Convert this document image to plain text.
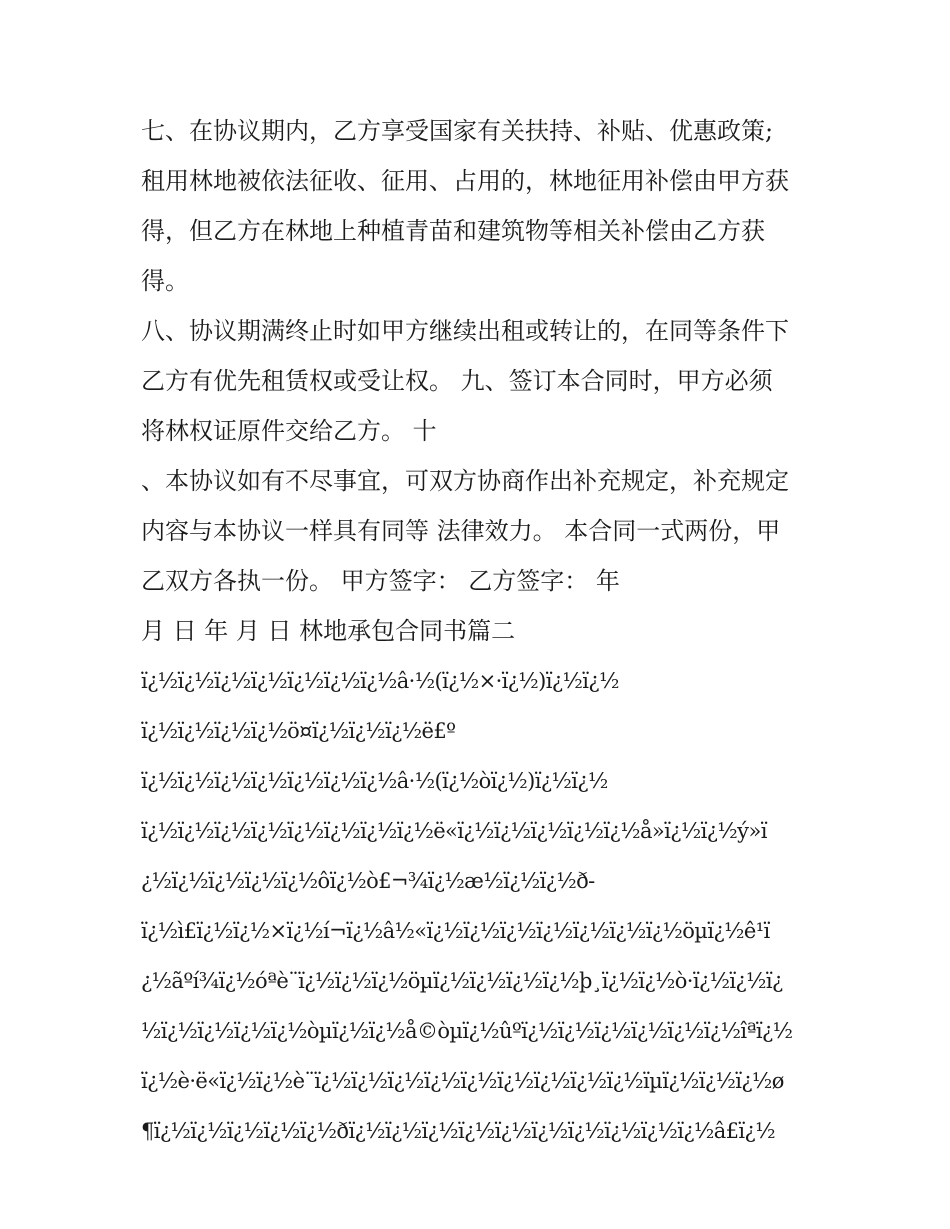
七、在协议期内，乙方享受国家有关扶持、补贴、优惠政策;
租用林地被依法征收、征用、占用的，林地征用补偿由甲方获
得，但乙方在林地上种植青苗和建筑物等相关补偿由乙方获
得。
八、协议期满终止时如甲方继续出租或转让的，在同等条件下
乙方有优先租赁权或受让权。 九、签订本合同时，甲方必须
将林权证原件交给乙方。 十
、本协议如有不尽事宜，可双方协商作出补充规定，补充规定
内容与本协议一样具有同等 法律效力。 本合同一式两份，甲
乙双方各执一份。 甲方签字： 乙方签字： 年
月 日 年 月 日 林地承包合同书篇二
ï¿½ï¿½ï¿½ï¿½ï¿½ï¿½ï¿½â·½(ï¿½×·ï¿½)ï¿½ï¿½
ï¿½ï¿½ï¿½ï¿½ö¤ï¿½ï¿½ï¿½ë£º
ï¿½ï¿½ï¿½ï¿½ï¿½ï¿½ï¿½â·½(ï¿½òï¿½)ï¿½ï¿½
ï¿½ï¿½ï¿½ï¿½ï¿½ï¿½ï¿½ï¿½ë«ï¿½ï¿½ï¿½ï¿½ï¿½å»ï¿½ï¿½ý»ï
¿½ï¿½ï¿½ï¿½ï¿½ôï¿½ò£¬¾ï¿½æ½ï¿½ï¿½ð-
ï¿½ì£ï¿½ï¿½×ï¿½í¬ï¿½â½«ï¿½ï¿½ï¿½ï¿½ï¿½ï¿½ï¿½öµï¿½ê¹ï
¿½ãºí¾ï¿½óªè¨ï¿½ï¿½ï¿½öµï¿½ï¿½ï¿½ï¿½þ¸ï¿½ï¿½ò·ï¿½ï¿½ï¿
½ï¿½ï¿½ï¿½ï¿½òµï¿½ï¿½å©òµï¿½ûºï¿½ï¿½ï¿½ï¿½ï¿½ï¿½îªï¿½
ï¿½è·ë«ï¿½ï¿½è¨ï¿½ï¿½ï¿½ï¿½ï¿½ï¿½ï¿½ï¿½ï¿½ïµï¿½ï¿½ï¿½ø
¶ï¿½ï¿½ï¿½ï¿½ï¿½ðï¿½ï¿½ï¿½ï¿½ï¿½ï¿½ï¿½ï¿½ï¿½ï¿½â£ï¿½
